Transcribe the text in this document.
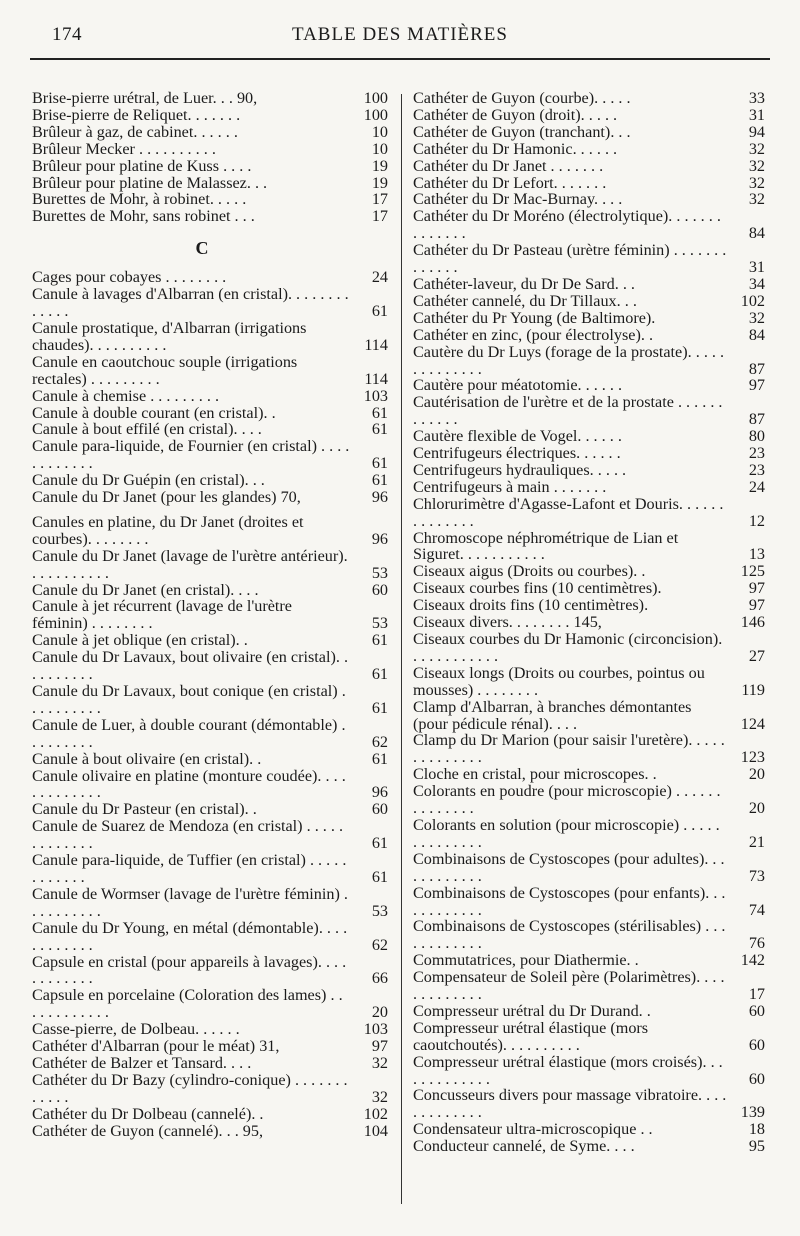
174	TABLE DES MATIÈRES
Brise-pierre urétral, de Luer. . . 90,	100
Brise-pierre de Reliquet. . . . . . .	100
Brûleur à gaz, de cabinet. . . . . .	10
Brûleur Mecker . . . . . . . . . .	10
Brûleur pour platine de Kuss . . . .	19
Brûleur pour platine de Malassez. . .	19
Burettes de Mohr, à robinet. . . . .	17
Burettes de Mohr, sans robinet . . .	17
C
Cages pour cobayes . . . . . . . .	24
Canule à lavages d'Albarran (en cristal). . . . . . . . . . . . .	61
Canule prostatique, d'Albarran (irrigations chaudes). . . . . . . . . .	114
Canule en caoutchouc souple (irrigations rectales) . . . . . . . . .	114
Canule à chemise . . . . . . . . .	103
Canule à double courant (en cristal). .	61
Canule à bout effilé (en cristal). . . .	61
Canule para-liquide, de Fournier (en cristal) . . . . . . . . . . . .	61
Canule du Dr Guépin (en cristal). . .	61
Canule du Dr Janet (pour les glandes) 70,	96
Canules en platine, du Dr Janet (droites et courbes). . . . . . . .	96
Canule du Dr Janet (lavage de l'urètre antérieur). . . . . . . . . . .	53
Canule du Dr Janet (en cristal). . . .	60
Canule à jet récurrent (lavage de l'urètre féminin) . . . . . . . .	53
Canule à jet oblique (en cristal). .	61
Canule du Dr Lavaux, bout olivaire (en cristal). . . . . . . . . .	61
Canule du Dr Lavaux, bout conique (en cristal) . . . . . . . . . .	61
Canule de Luer, à double courant (démontable) . . . . . . . . .	62
Canule à bout olivaire (en cristal). .	61
Canule olivaire en platine (monture coudée). . . . . . . . . . . . .	96
Canule du Dr Pasteur (en cristal). .	60
Canule de Suarez de Mendoza (en cristal) . . . . . . . . . . . . .	61
Canule para-liquide, de Tuffier (en cristal) . . . . . . . . . . . .	61
Canule de Wormser (lavage de l'urètre féminin) . . . . . . . . . .	53
Canule du Dr Young, en métal (démontable). . . . . . . . . . . .	62
Capsule en cristal (pour appareils à lavages). . . . . . . . . . . .	66
Capsule en porcelaine (Coloration des lames) . . . . . . . . . . . .	20
Casse-pierre, de Dolbeau. . . . . .	103
Cathéter d'Albarran (pour le méat) 31,	97
Cathéter de Balzer et Tansard. . . .	32
Cathéter du Dr Bazy (cylindro-conique) . . . . . . . . . . . .	32
Cathéter du Dr Dolbeau (cannelé). .	102
Cathéter de Guyon (cannelé). . . 95,	104
Cathéter de Guyon (courbe). . . . .	33
Cathéter de Guyon (droit). . . . .	31
Cathéter de Guyon (tranchant). . .	94
Cathéter du Dr Hamonic. . . . . .	32
Cathéter du Dr Janet . . . . . . .	32
Cathéter du Dr Lefort. . . . . . .	32
Cathéter du Dr Mac-Burnay. . . .	32
Cathéter du Dr Moréno (électrolytique). . . . . . . . . . . . . .	84
Cathéter du Dr Pasteau (urètre féminin) . . . . . . . . . . . . .	31
Cathéter-laveur, du Dr De Sard. . .	34
Cathéter cannelé, du Dr Tillaux. . .	102
Cathéter du Pr Young (de Baltimore).	32
Cathéter en zinc, (pour électrolyse). .	84
Cautère du Dr Luys (forage de la prostate). . . . . . . . . . . . . .	87
Cautère pour méatotomie. . . . . .	97
Cautérisation de l'urètre et de la prostate . . . . . . . . . . . .	87
Cautère flexible de Vogel. . . . . .	80
Centrifugeurs électriques. . . . . .	23
Centrifugeurs hydrauliques. . . . .	23
Centrifugeurs à main . . . . . . .	24
Chlorurimètre d'Agasse-Lafont et Douris. . . . . . . . . . . . . .	12
Chromoscope néphrométrique de Lian et Siguret. . . . . . . . . . .	13
Ciseaux aigus (Droits ou courbes). .	125
Ciseaux courbes fins (10 centimètres).	97
Ciseaux droits fins (10 centimètres).	97
Ciseaux divers. . . . . . . . 145,	146
Ciseaux courbes du Dr Hamonic (circoncision). . . . . . . . . . . .	27
Ciseaux longs (Droits ou courbes, pointus ou mousses) . . . . . . . .	119
Clamp d'Albarran, à branches démontantes (pour pédicule rénal). . . .	124
Clamp du Dr Marion (pour saisir l'uretère). . . . . . . . . . . . . .	123
Cloche en cristal, pour microscopes. .	20
Colorants en poudre (pour microscopie) . . . . . . . . . . . . . .	20
Colorants en solution (pour microscopie) . . . . . . . . . . . . . .	21
Combinaisons de Cystoscopes (pour adultes). . . . . . . . . . . .	73
Combinaisons de Cystoscopes (pour enfants). . . . . . . . . . . .	74
Combinaisons de Cystoscopes (stérilisables) . . . . . . . . . . . .	76
Commutatrices, pour Diathermie. .	142
Compensateur de Soleil père (Polarimètres). . . . . . . . . . . . .	17
Compresseur urétral du Dr Durand. .	60
Compresseur urétral élastique (mors caoutchoutés). . . . . . . . . .	60
Compresseur urétral élastique (mors croisés). . . . . . . . . . . . .	60
Concusseurs divers pour massage vibratoire. . . . . . . . . . . . .	139
Condensateur ultra-microscopique . .	18
Conducteur cannelé, de Syme. . . .	95
